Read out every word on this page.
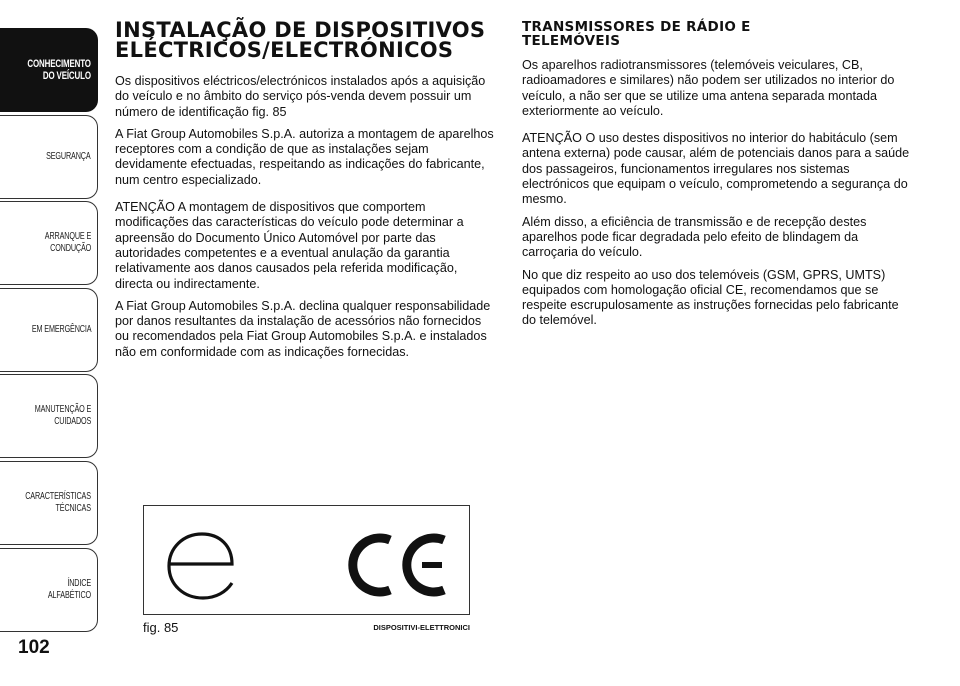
CONHECIMENTO
DO VEÍCULO
SEGURANÇA
ARRANQUE E
CONDUÇÃO
EM EMERGÊNCIA
MANUTENÇÃO E
CUIDADOS
CARACTERÍSTICAS
TÉCNICAS
ÍNDICE ALFABÉTICO
102
INSTALAÇÃO DE DISPOSITIVOS
ELÉCTRICOS/ELECTRÓNICOS

Os dispositivos eléctricos/electrónicos instalados após a aquisição do veículo e no âmbito do serviço pós-venda devem possuir um número de identificação fig. 85

A Fiat Group Automobiles S.p.A. autoriza a montagem de aparelhos receptores com a condição de que as instalações sejam devidamente efectuadas, respeitando as indicações do fabricante, num centro especializado.

ATENÇÃO A montagem de dispositivos que comportem modificações das características do veículo pode determinar a apreensão do Documento Único Automóvel por parte das autoridades competentes e a eventual anulação da garantia relativamente aos danos causados pela referida modificação, directa ou indirectamente.

A Fiat Group Automobiles S.p.A. declina qualquer responsabilidade por danos resultantes da instalação de acessórios não fornecidos ou recomendados pela Fiat Group Automobiles S.p.A. e instalados não em conformidade com as indicações fornecidas.

TRANSMISSORES DE RÁDIO E
TELEMÓVEIS

Os aparelhos radiotransmissores (telemóveis veiculares, CB, radioamadores e similares) não podem ser utilizados no interior do veículo, a não ser que se utilize uma antena separada montada exteriormente ao veículo.

ATENÇÃO O uso destes dispositivos no interior do habitáculo (sem antena externa) pode causar, além de potenciais danos para a saúde dos passageiros, funcionamentos irregulares nos sistemas electrónicos que equipam o veículo, comprometendo a segurança do mesmo.

Além disso, a eficiência de transmissão e de recepção destes aparelhos pode ficar degradada pelo efeito de blindagem da carroçaria do veículo.

No que diz respeito ao uso dos telemóveis (GSM, GPRS, UMTS) equipados com homologação oficial CE, recomendamos que se respeite escrupulosamente as instruções fornecidas pelo fabricante do telemóvel.

fig. 85	DISPOSITIVI-ELETTRONICI
